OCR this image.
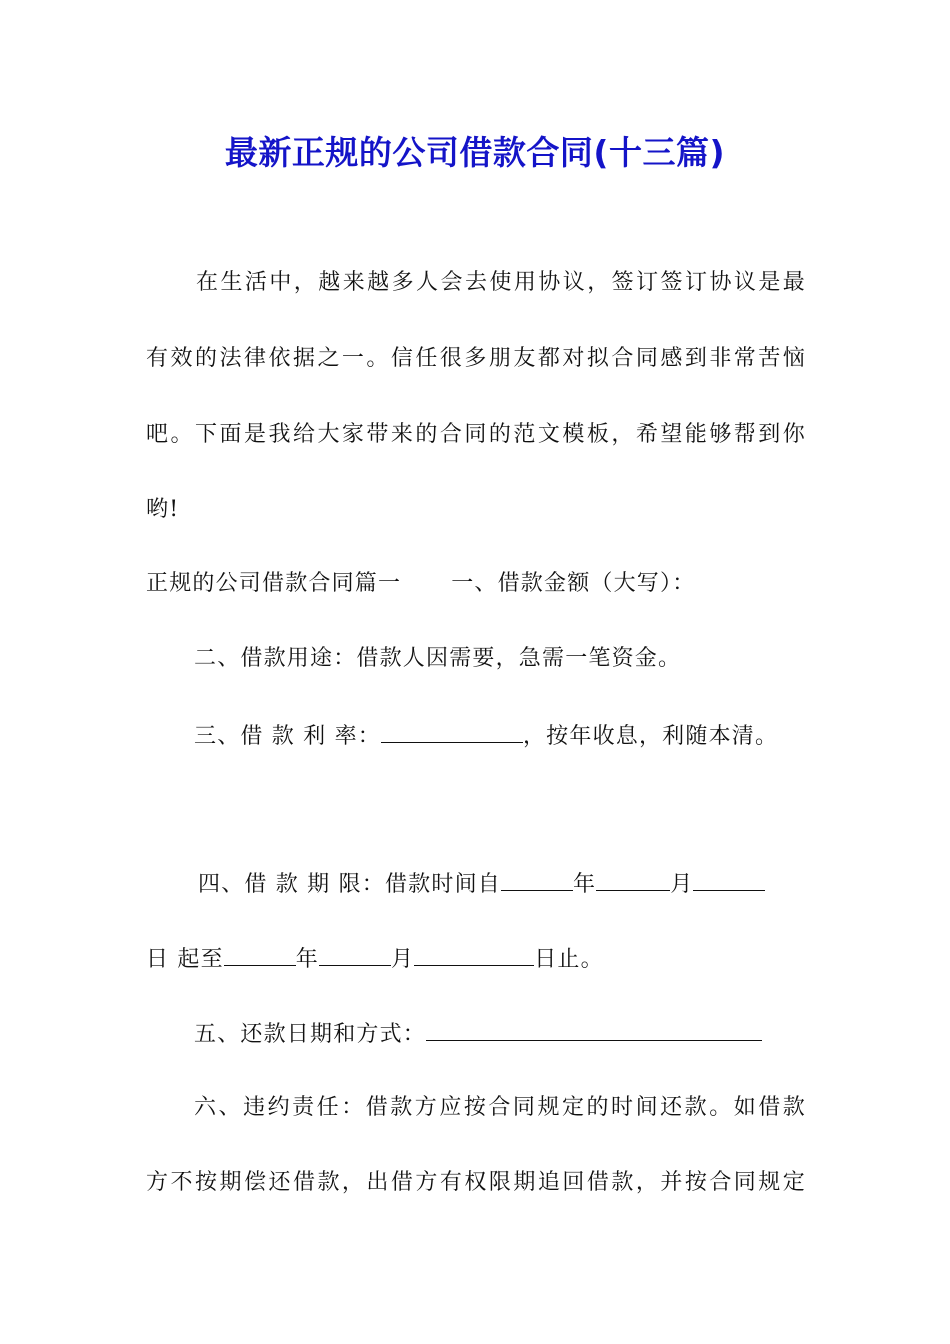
最新正规的公司借款合同(十三篇)
在生活中，越来越多人会去使用协议，签订签订协议是最
有效的法律依据之一。信任很多朋友都对拟合同感到非常苦恼
吧。下面是我给大家带来的合同的范文模板，希望能够帮到你
哟!
正规的公司借款合同篇一 一、借款金额（大写）：
二、借款用途：借款人因需要，急需一笔资金。
三、借 款 利 率：	，按年收息，利随本清。
四、借 款 期 限：借款时间自	年	月
日 起至	年	月	日止。
五、还款日期和方式：
六、违约责任：借款方应按合同规定的时间还款。如借款
方不按期偿还借款，出借方有权限期追回借款，并按合同规定
